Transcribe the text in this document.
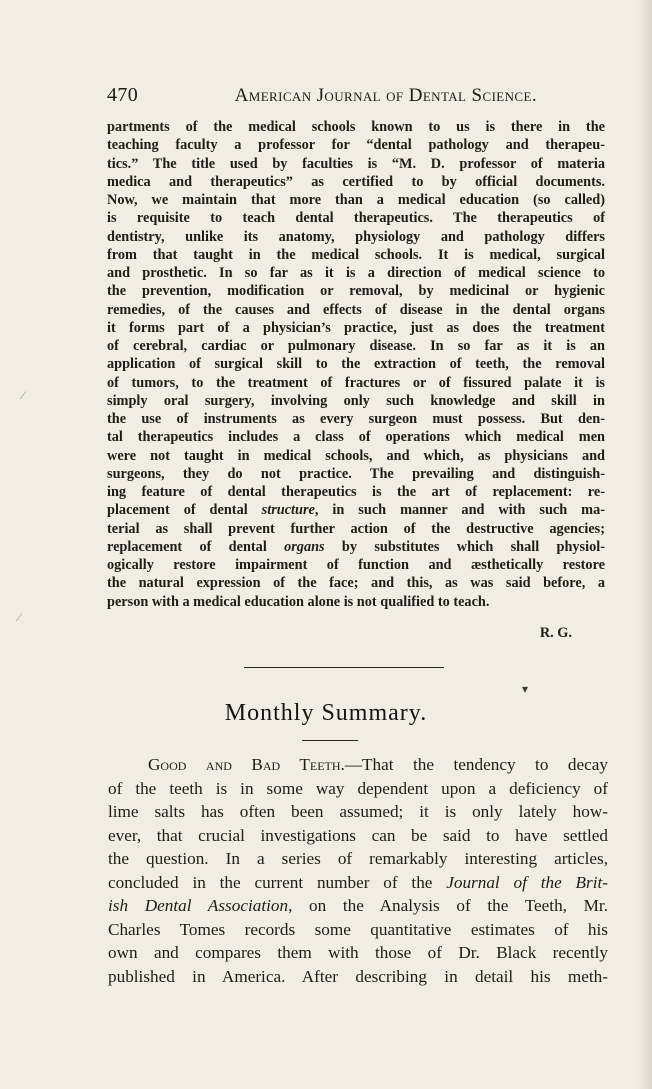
470	American Journal of Dental Science.

partments of the medical schools known to us is there in the
teaching faculty a professor for “dental pathology and therapeu-
tics.” The title used by faculties is “M. D. professor of materia
medica and therapeutics” as certified to by official documents.
Now, we maintain that more than a medical education (so called)
is requisite to teach dental therapeutics. The therapeutics of
dentistry, unlike its anatomy, physiology and pathology differs
from that taught in the medical schools. It is medical, surgical
and prosthetic. In so far as it is a direction of medical science to
the prevention, modification or removal, by medicinal or hygienic
remedies, of the causes and effects of disease in the dental organs
it forms part of a physician’s practice, just as does the treatment
of cerebral, cardiac or pulmonary disease. In so far as it is an
application of surgical skill to the extraction of teeth, the removal
of tumors, to the treatment of fractures or of fissured palate it is
simply oral surgery, involving only such knowledge and skill in
the use of instruments as every surgeon must possess. But den-
tal therapeutics includes a class of operations which medical men
were not taught in medical schools, and which, as physicians and
surgeons, they do not practice. The prevailing and distinguish-
ing feature of dental therapeutics is the art of replacement: re-
placement of dental structure, in such manner and with such ma-
terial as shall prevent further action of the destructive agencies;
replacement of dental organs by substitutes which shall physiol-
ogically restore impairment of function and æsthetically restore
the natural expression of the face; and this, as was said before, a
person with a medical education alone is not qualified to teach.

R. G.
Monthly Summary.
Good and Bad Teeth.—That the tendency to decay
of the teeth is in some way dependent upon a deficiency of
lime salts has often been assumed; it is only lately how-
ever, that crucial investigations can be said to have settled
the question. In a series of remarkably interesting articles,
concluded in the current number of the Journal of the Brit-
ish Dental Association, on the Analysis of the Teeth, Mr.
Charles Tomes records some quantitative estimates of his
own and compares them with those of Dr. Black recently
published in America. After describing in detail his meth-
⁄
⁄
▾
